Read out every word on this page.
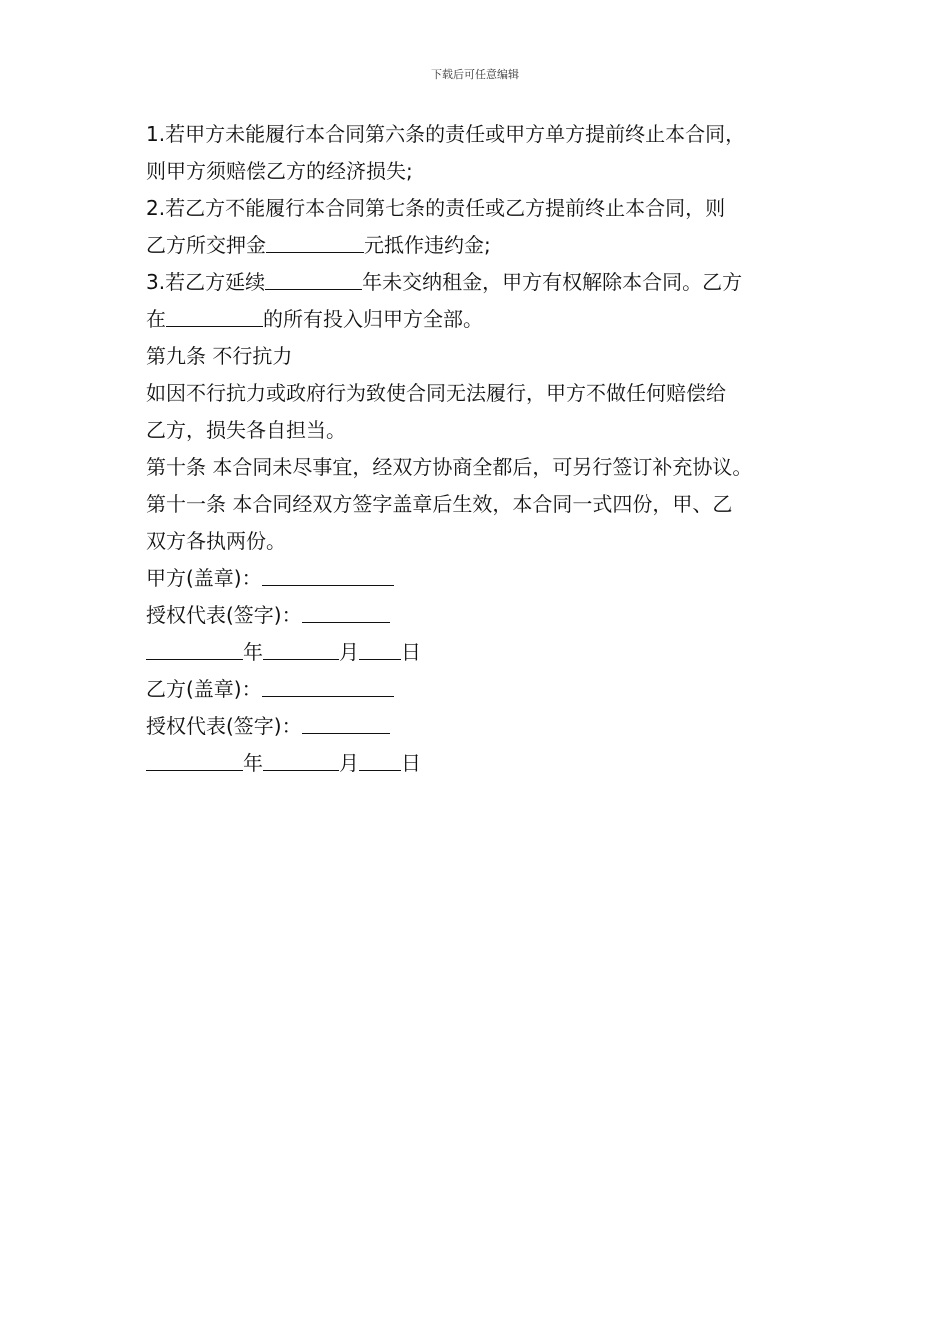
下载后可任意编辑
1.若甲方未能履行本合同第六条的责任或甲方单方提前终止本合同，
则甲方须赔偿乙方的经济损失;
2.若乙方不能履行本合同第七条的责任或乙方提前终止本合同，则
乙方所交押金	元抵作违约金;
3.若乙方延续	年未交纳租金，甲方有权解除本合同。乙方
在	的所有投入归甲方全部。
第九条 不行抗力
如因不行抗力或政府行为致使合同无法履行，甲方不做任何赔偿给
乙方，损失各自担当。
第十条 本合同未尽事宜，经双方协商全都后，可另行签订补充协议。
第十一条 本合同经双方签字盖章后生效，本合同一式四份，甲、乙
双方各执两份。
甲方(盖章)：
授权代表(签字)：
年	月 日
乙方(盖章)：
授权代表(签字)：
年	月 日
